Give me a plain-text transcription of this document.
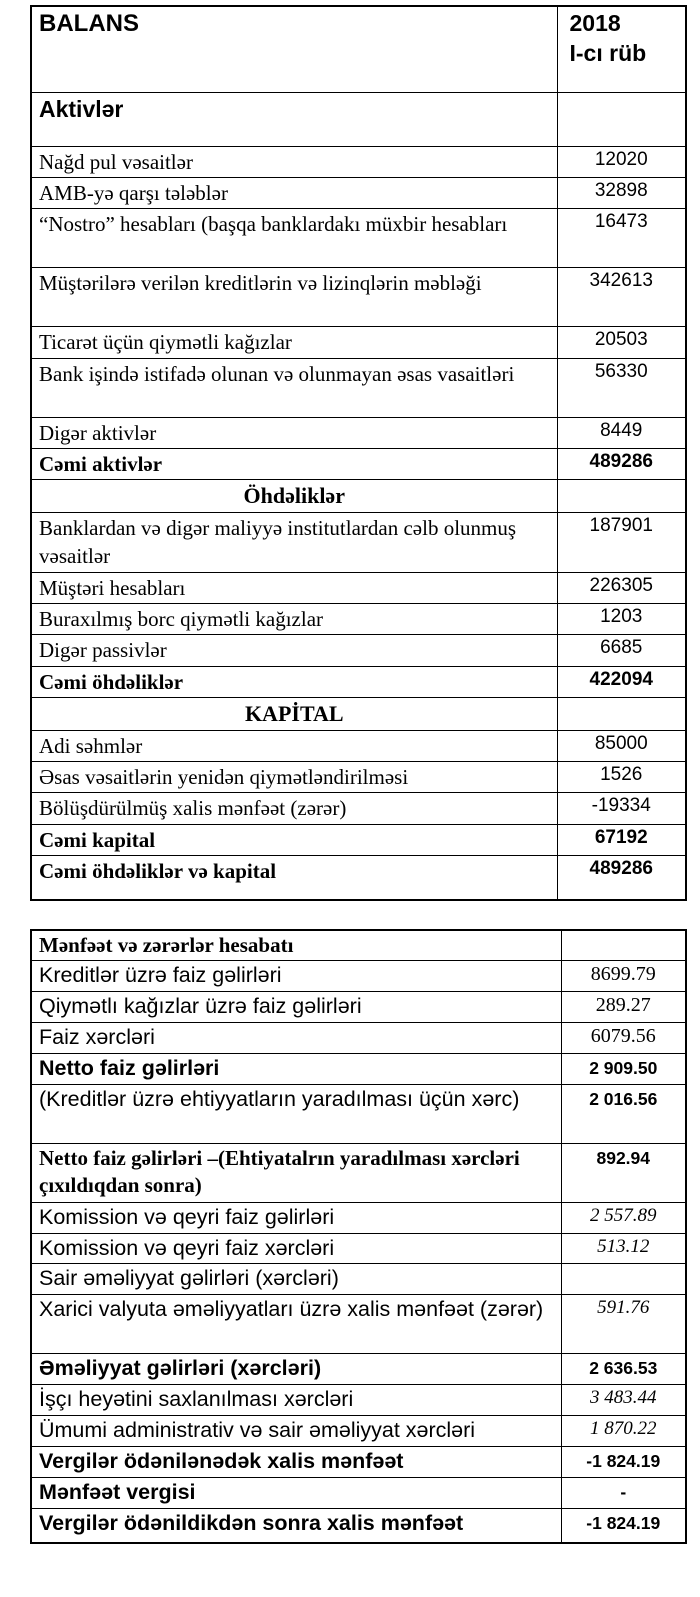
BALANS	2018
I-cı rüb

Aktivlər	
Nağd pul vəsaitlər	12020
AMB-yə qarşı tələblər	32898
“Nostro” hesabları (başqa banklardakı müxbir hesabları	16473
Müştərilərə verilən kreditlərin və lizinqlərin məbləği	342613
Ticarət üçün qiymətli kağızlar	20503
Bank işində istifadə olunan və olunmayan əsas vasaitləri	56330
Digər aktivlər	8449
Cəmi aktivlər	489286
Öhdəliklər	
Banklardan və digər maliyyə institutlardan cəlb olunmuş vəsaitlər	187901
Müştəri hesabları	226305
Buraxılmış borc qiymətli kağızlar	1203
Digər passivlər	6685
Cəmi öhdəliklər	422094
KAPİTAL	
Adi səhmlər	85000
Əsas vəsaitlərin yenidən qiymətləndirilməsi	1526
Bölüşdürülmüş xalis mənfəət (zərər)	-19334
Cəmi kapital	67192
Cəmi öhdəliklər və kapital	489286
Mənfəət və zərərlər hesabatı	
Kreditlər üzrə faiz gəlirləri	8699.79
Qiymətlı kağızlar üzrə faiz gəlirləri	289.27
Faiz xərcləri	6079.56
Netto faiz gəlirləri	2 909.50
(Kreditlər üzrə ehtiyyatların yaradılması üçün xərc)	2 016.56
Netto faiz gəlirləri –(Ehtiyatalrın yaradılması xərcləri çıxıldıqdan sonra)	892.94
Komission və qeyri faiz gəlirləri	2 557.89
Komission və qeyri faiz xərcləri	513.12
Sair əməliyyat gəlirləri (xərcləri)	
Xarici valyuta əməliyyatları üzrə xalis mənfəət (zərər)	591.76
Əməliyyat gəlirləri (xərcləri)	2 636.53
İşçı heyətini saxlanılması xərcləri	3 483.44
Ümumi administrativ və sair əməliyyat xərcləri	1 870.22
Vergilər ödənilənədək xalis mənfəət	-1 824.19
Mənfəət vergisi	-
Vergilər ödənildikdən sonra xalis mənfəət	-1 824.19
